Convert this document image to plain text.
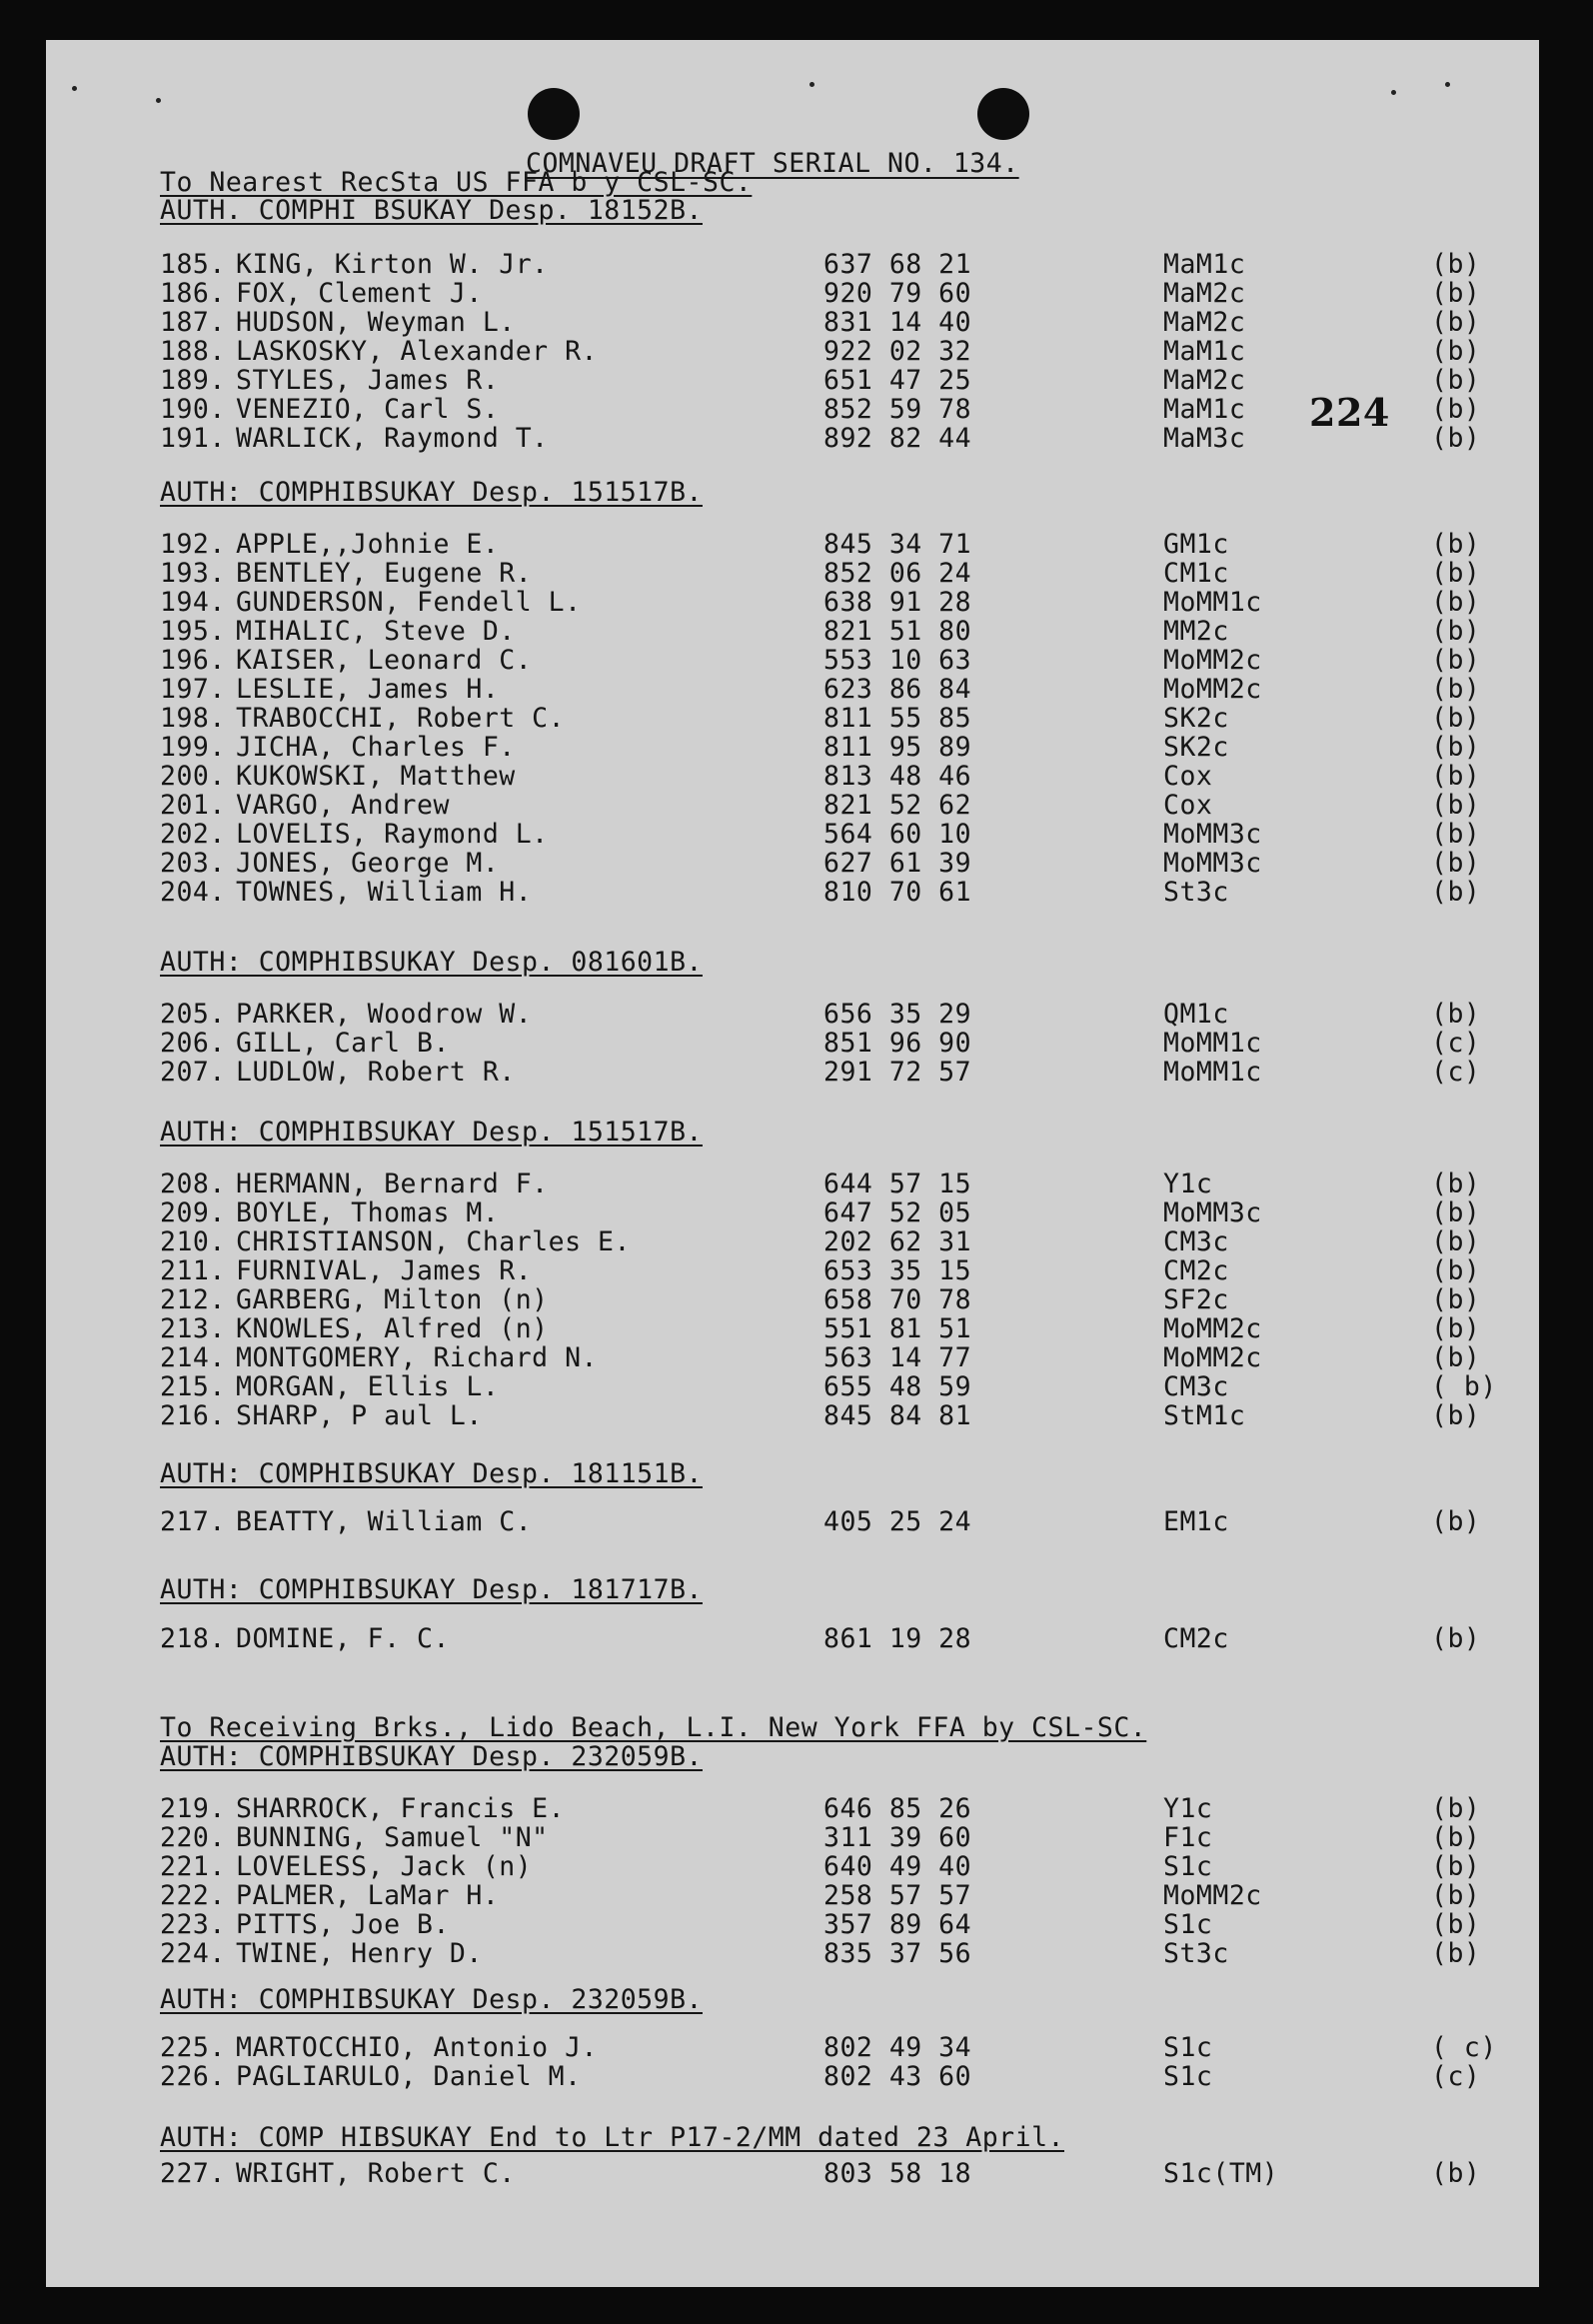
COMNAVEU DRAFT SERIAL NO. 134.
224
To Nearest RecSta US FFA b y CSL-SC.
AUTH. COMPHI BSUKAY Desp. 18152B.
185. KING, Kirton W. Jr.	637 68 21	MaM1c	(b)
186. FOX, Clement J.	920 79 60	MaM2c	(b)
187. HUDSON, Weyman L.	831 14 40	MaM2c	(b)
188. LASKOSKY, Alexander R.	922 02 32	MaM1c	(b)
189. STYLES, James R.	651 47 25	MaM2c	(b)
190. VENEZIO, Carl S.	852 59 78	MaM1c	(b)
191. WARLICK, Raymond T.	892 82 44	MaM3c	(b)
AUTH: COMPHIBSUKAY Desp. 151517B.
192. APPLE,,Johnie E.	845 34 71	GM1c	(b)
193. BENTLEY, Eugene R.	852 06 24	CM1c	(b)
194. GUNDERSON, Fendell L.	638 91 28	MoMM1c	(b)
195. MIHALIC, Steve D.	821 51 80	MM2c	(b)
196. KAISER, Leonard C.	553 10 63	MoMM2c	(b)
197. LESLIE, James H.	623 86 84	MoMM2c	(b)
198. TRABOCCHI, Robert C.	811 55 85	SK2c	(b)
199. JICHA, Charles F.	811 95 89	SK2c	(b)
200. KUKOWSKI, Matthew	813 48 46	Cox	(b)
201. VARGO, Andrew	821 52 62	Cox	(b)
202. LOVELIS, Raymond L.	564 60 10	MoMM3c	(b)
203. JONES, George M.	627 61 39	MoMM3c	(b)
204. TOWNES, William H.	810 70 61	St3c	(b)
AUTH: COMPHIBSUKAY Desp. 081601B.
205. PARKER, Woodrow W.	656 35 29	QM1c	(b)
206. GILL, Carl B.	851 96 90	MoMM1c	(c)
207. LUDLOW, Robert R.	291 72 57	MoMM1c	(c)
AUTH: COMPHIBSUKAY Desp. 151517B.
208. HERMANN, Bernard F.	644 57 15	Y1c	(b)
209. BOYLE, Thomas M.	647 52 05	MoMM3c	(b)
210. CHRISTIANSON, Charles E.	202 62 31	CM3c	(b)
211. FURNIVAL, James R.	653 35 15	CM2c	(b)
212. GARBERG, Milton (n)	658 70 78	SF2c	(b)
213. KNOWLES, Alfred (n)	551 81 51	MoMM2c	(b)
214. MONTGOMERY, Richard N.	563 14 77	MoMM2c	(b)
215. MORGAN, Ellis L.	655 48 59	CM3c	( b)
216. SHARP, P aul L.	845 84 81	StM1c	(b)
AUTH: COMPHIBSUKAY Desp. 181151B.
217. BEATTY, William C.	405 25 24	EM1c	(b)
AUTH: COMPHIBSUKAY Desp. 181717B.
218. DOMINE, F. C.	861 19 28	CM2c	(b)
To Receiving Brks., Lido Beach, L.I. New York FFA by CSL-SC.
AUTH: COMPHIBSUKAY Desp. 232059B.
219. SHARROCK, Francis E.	646 85 26	Y1c	(b)
220. BUNNING, Samuel "N"	311 39 60	F1c	(b)
221. LOVELESS, Jack (n)	640 49 40	S1c	(b)
222. PALMER, LaMar H.	258 57 57	MoMM2c	(b)
223. PITTS, Joe B.	357 89 64	S1c	(b)
224. TWINE, Henry D.	835 37 56	St3c	(b)
AUTH: COMPHIBSUKAY Desp. 232059B.
225. MARTOCCHIO, Antonio J.	802 49 34	S1c	( c)
226. PAGLIARULO, Daniel M.	802 43 60	S1c	(c)
AUTH: COMP HIBSUKAY End to Ltr P17-2/MM dated 23 April.
227. WRIGHT, Robert C.	803 58 18	S1c(TM)	(b)
